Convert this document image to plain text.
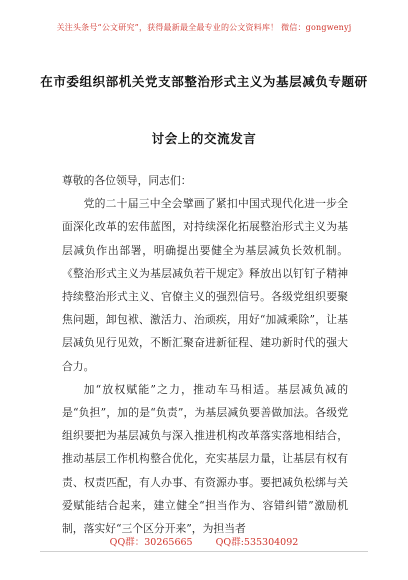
关注头条号“公文研究”，获得最新最全最专业的公文资料库！ 微信：gongwenyj
在市委组织部机关党支部整治形式主义为基层减负专题研
讨会上的交流发言

尊敬的各位领导，同志们：

党的二十届三中全会擘画了紧扣中国式现代化进一步全面深化改革的宏伟蓝图，对持续深化拓展整治形式主义为基层减负作出部署，明确提出要健全为基层减负长效机制。《整治形式主义为基层减负若干规定》释放出以钉钉子精神持续整治形式主义、官僚主义的强烈信号。各级党组织要聚焦问题，卸包袱、激活力、治顽疾，用好“加减乘除”，让基层减负见行见效，不断汇聚奋进新征程、建功新时代的强大合力。

加“放权赋能”之力，推动车马相适。基层减负减的是“负担”，加的是“负责”，为基层减负要善做加法。各级党组织要把为基层减负与深入推进机构改革落实落地相结合，推动基层工作机构整合优化，充实基层力量，让基层有权有责、权责匹配，有人办事、有资源办事。要把减负松绑与关爱赋能结合起来，建立健全“担当作为、容错纠错”激励机制，落实好“三个区分开来”，为担当者

QQ群：30265665 QQ群:535304092
